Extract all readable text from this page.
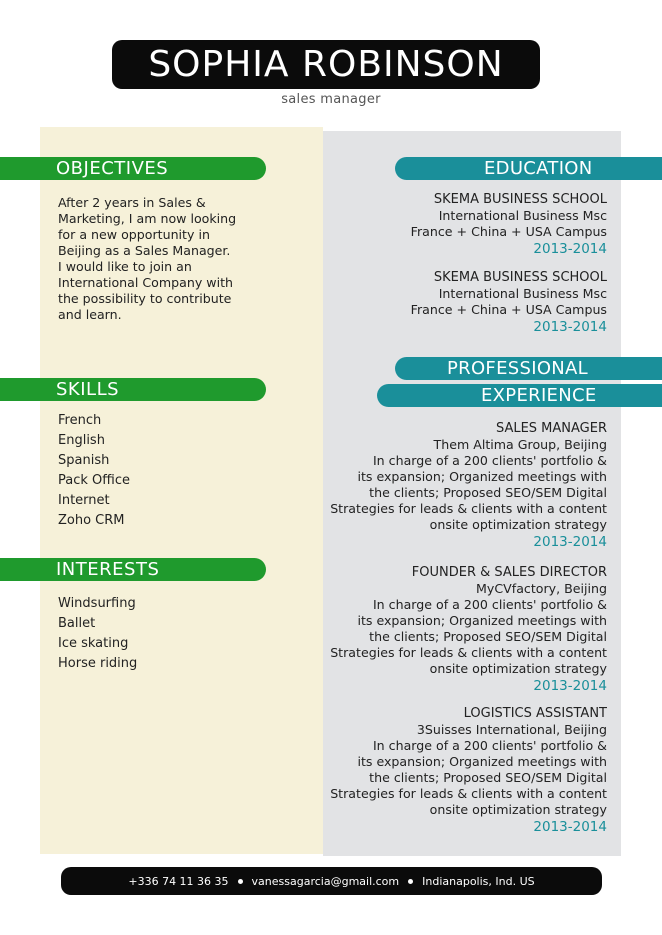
SOPHIA ROBINSON
sales manager
OBJECTIVES
After 2 years in Sales &
Marketing, I am now looking
for a new opportunity in
Beijing as a Sales Manager.
I would like to join an
International Company with
the possibility to contribute
and learn.
SKILLS
French
English
Spanish
Pack Office
Internet
Zoho CRM
INTERESTS
Windsurfing
Ballet
Ice skating
Horse riding
EDUCATION
SKEMA BUSINESS SCHOOL
International Business Msc
France + China + USA Campus
2013-2014
SKEMA BUSINESS SCHOOL
International Business Msc
France + China + USA Campus
2013-2014
PROFESSIONAL
EXPERIENCE
SALES MANAGER
Them Altima Group, Beijing
In charge of a 200 clients' portfolio &
its expansion; Organized meetings with
the clients; Proposed SEO/SEM Digital
Strategies for leads & clients with a content
onsite optimization strategy
2013-2014
FOUNDER & SALES DIRECTOR
MyCVfactory, Beijing
In charge of a 200 clients' portfolio &
its expansion; Organized meetings with
the clients; Proposed SEO/SEM Digital
Strategies for leads & clients with a content
onsite optimization strategy
2013-2014
LOGISTICS ASSISTANT
3Suisses International, Beijing
In charge of a 200 clients' portfolio &
its expansion; Organized meetings with
the clients; Proposed SEO/SEM Digital
Strategies for leads & clients with a content
onsite optimization strategy
2013-2014
+336 74 11 36 35 vanessagarcia@gmail.com Indianapolis, Ind. US
